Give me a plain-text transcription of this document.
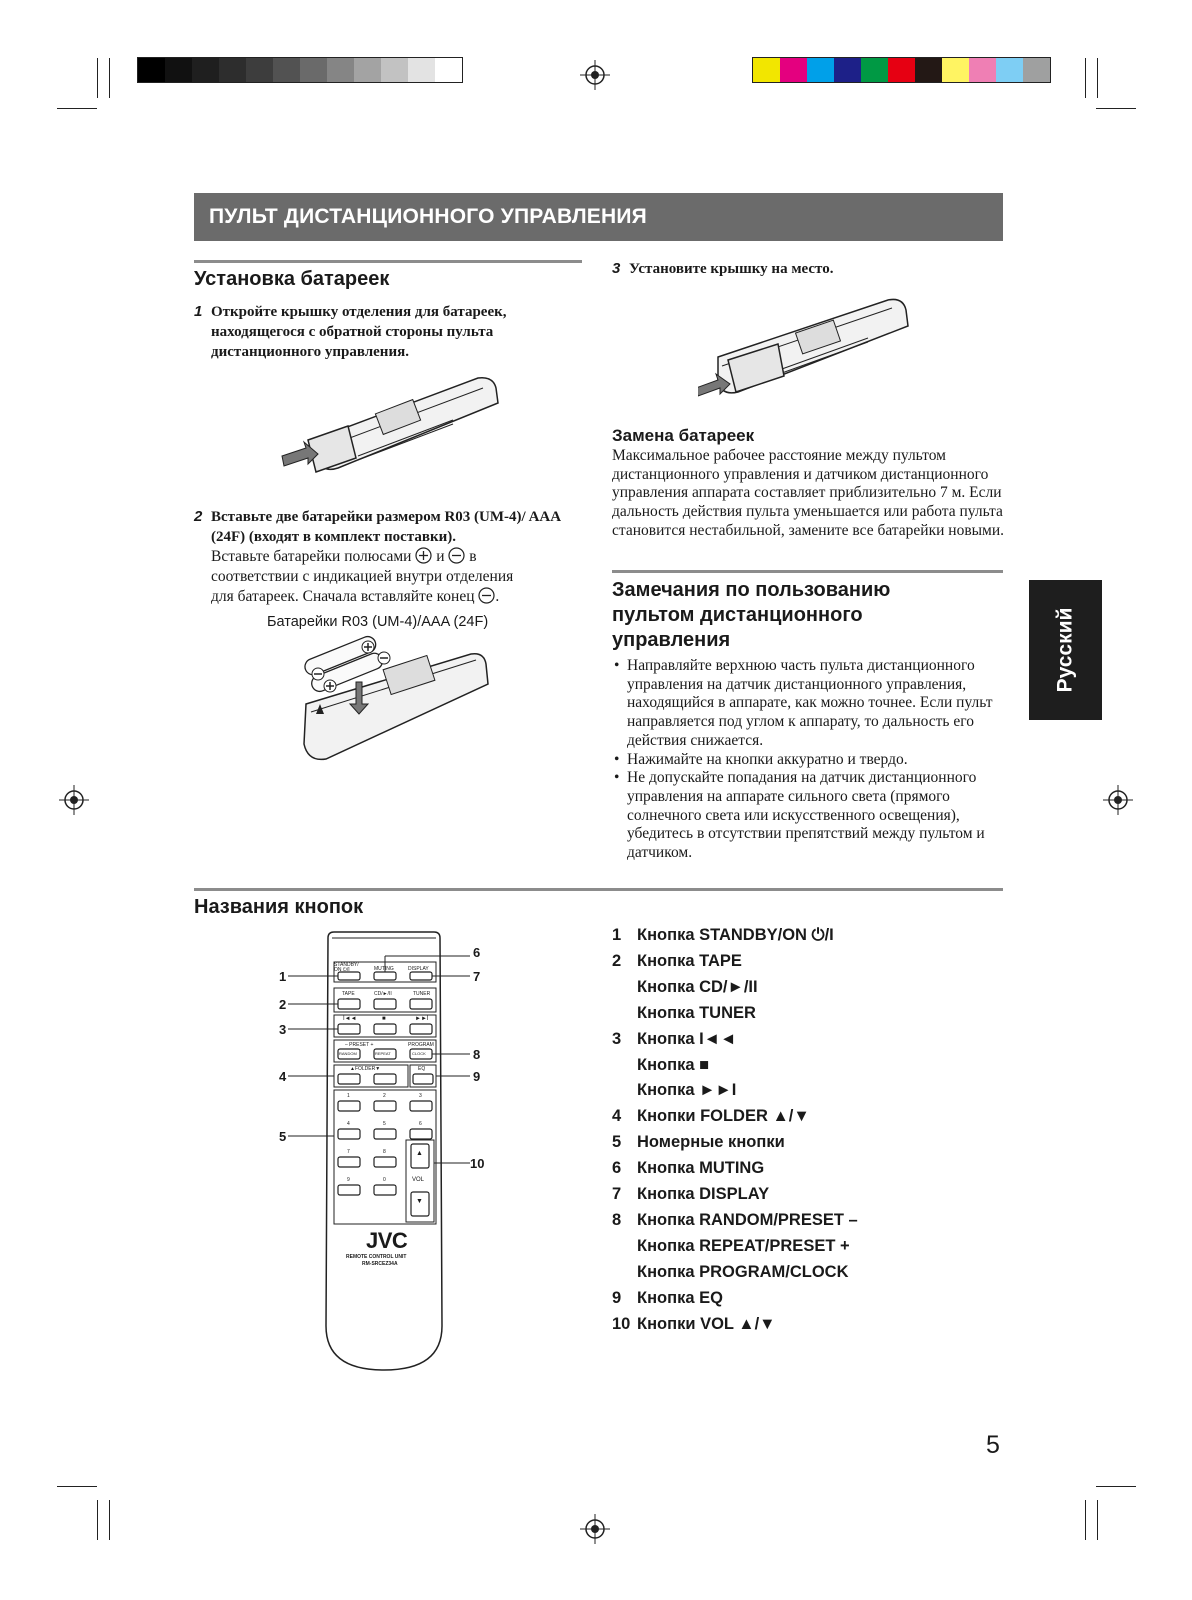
ПУЛЬТ ДИСТАНЦИОННОГО УПРАВЛЕНИЯ
Установка батареек
1 Откройте крышку отделения для батареек, находящегося с обратной стороны пульта дистанционного управления.
2 Вставьте две батарейки размером R03 (UM-4)/ AAA (24F) (входят в комплект поставки).
Вставьте батарейки полюсами и в
соответствии с индикацией внутри отделения
для батареек. Сначала вставляйте конец .
Батарейки R03 (UM-4)/AAA (24F)
3 Установите крышку на место.
Замена батареек
Максимальное рабочее расстояние между пультом дистанционного управления и датчиком дистанционного управления аппарата составляет приблизительно 7 м. Если дальность действия пульта уменьшается или работа пульта становится нестабильной, замените все батарейки новыми.
Замечания по пользованию
пультом дистанционного
управления
• Направляйте верхнюю часть пульта дистанционного управления на датчик дистанционного управления, находящийся в аппарате, как можно точнее. Если пульт направляется под углом к аппарату, то дальность его действия снижается.
• Нажимайте на кнопки аккуратно и твердо.
• Не допускайте попадания на датчик дистанционного управления на аппарате сильного света (прямого солнечного света или искусственного освещения), убедитесь в отсутствии препятствий между пультом и датчиком.
Русский
Названия кнопок
1
2
3
4
5
6
7
8
9
10
STANDBY/ ON ⏻/I	MUTING	DISPLAY
TAPE	CD/►/II	TUNER
I◄◄	■	►►I
– PRESET +	PROGRAM
RANDOM	REPEAT	CLOCK
▲FOLDER▼	EQ
1	2	3
4	5	6
7	8
9	0
▲
VOL
▼
JVC
REMOTE CONTROL UNIT
RM-SRCEZ34A
1 Кнопка STANDBY/ON ⏻/I
2 Кнопка TAPE
Кнопка CD/►/II
Кнопка TUNER
3 Кнопка I◄◄
Кнопка ■
Кнопка ►►I
4 Кнопки FOLDER ▲/▼
5 Номерные кнопки
6 Кнопка MUTING
7 Кнопка DISPLAY
8 Кнопка RANDOM/PRESET –
Кнопка REPEAT/PRESET +
Кнопка PROGRAM/CLOCK
9 Кнопка EQ
10 Кнопки VOL ▲/▼
5
